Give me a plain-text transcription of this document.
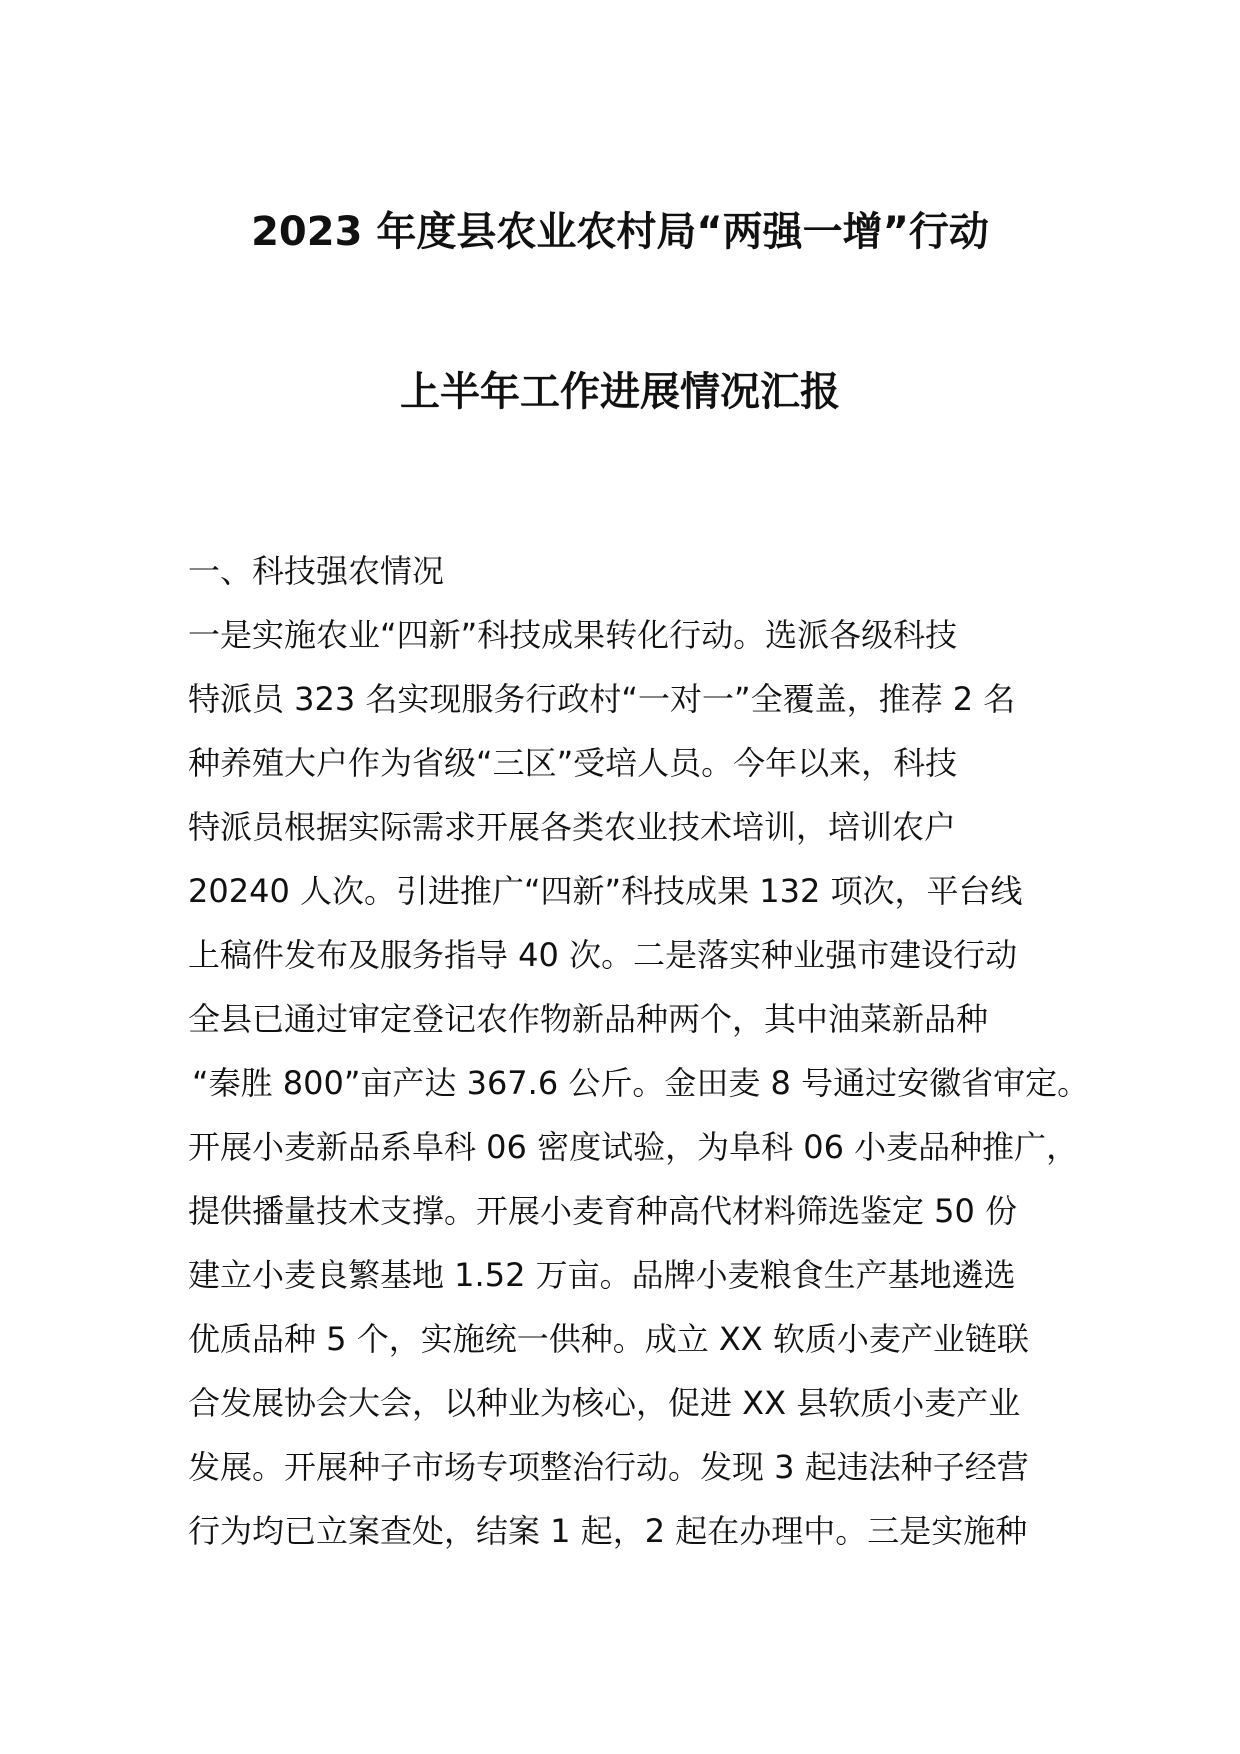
2023 年度县农业农村局“两强一增”行动
上半年工作进展情况汇报
一、科技强农情况
一是实施农业“四新”科技成果转化行动。选派各级科技
特派员 323 名实现服务行政村“一对一”全覆盖，推荐 2 名
种养殖大户作为省级“三区”受培人员。今年以来，科技
特派员根据实际需求开展各类农业技术培训，培训农户
20240 人次。引进推广“四新”科技成果 132 项次，平台线
上稿件发布及服务指导 40 次。二是落实种业强市建设行动
全县已通过审定登记农作物新品种两个，其中油菜新品种
“秦胜 800”亩产达 367.6 公斤。金田麦 8 号通过安徽省审定。
开展小麦新品系阜科 06 密度试验，为阜科 06 小麦品种推广，
提供播量技术支撑。开展小麦育种高代材料筛选鉴定 50 份
建立小麦良繁基地 1.52 万亩。品牌小麦粮食生产基地遴选
优质品种 5 个，实施统一供种。成立 XX 软质小麦产业链联
合发展协会大会，以种业为核心，促进 XX 县软质小麦产业
发展。开展种子市场专项整治行动。发现 3 起违法种子经营
行为均已立案查处，结案 1 起，2 起在办理中。三是实施种
